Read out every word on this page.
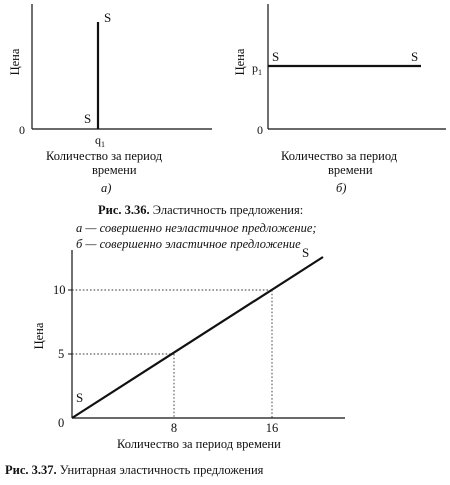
Цена
0
S
S
$q_1$
Цена
0
S	S
$p_1$
Цена
10
5
0	8	16
S
S
Количество за период
времени
а)
Количество за период
времени
б)
Рис. 3.36. Эластичность предложения:
а — совершенно неэластичное предложение;
б — совершенно эластичное предложение
Количество за период времени
Рис. 3.37. Унитарная эластичность предложения
